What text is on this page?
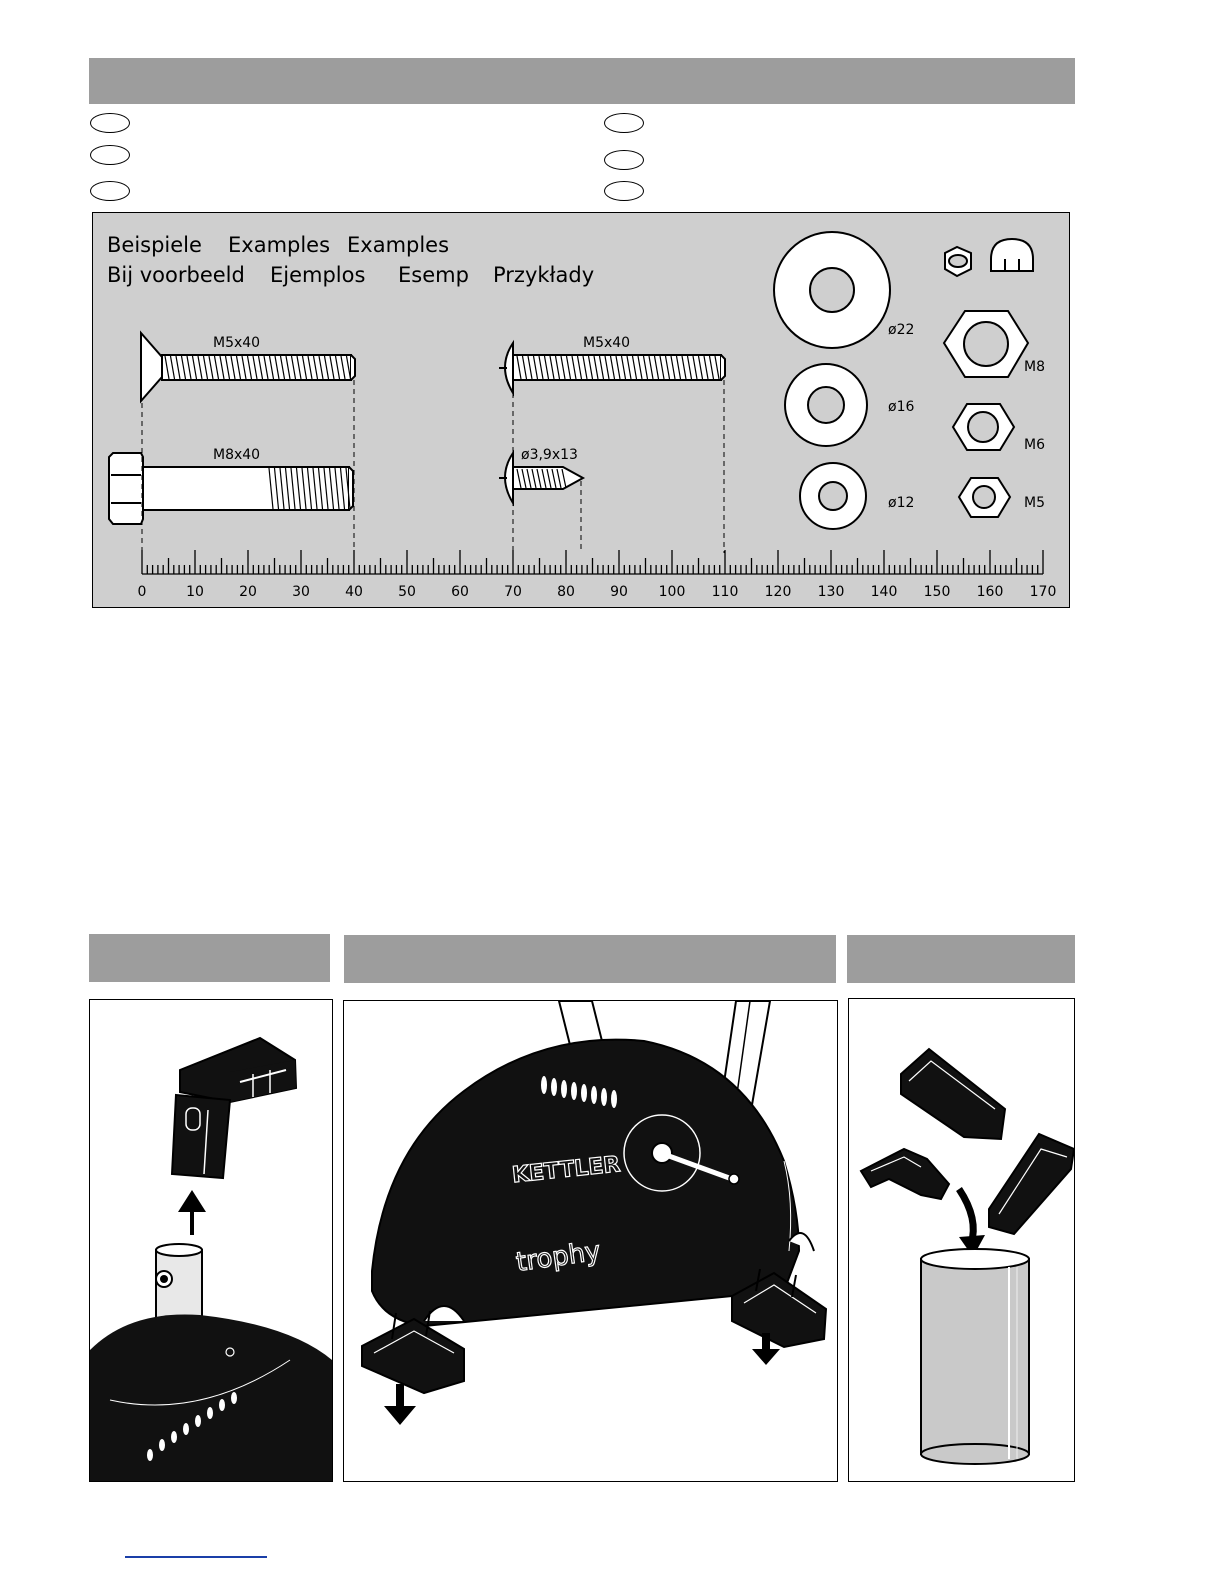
Beispiele Examples Examples
Bij voorbeeld Ejemplos Esemp Przykłady
M5x40	M5x40
M8x40	ø3,9x13
0	10	20	30	40	50	60	70	80	90 100 110 120 130 140 150 160 170
ø22
ø16
ø12
M8
M6
M5
KETTLER
trophy
